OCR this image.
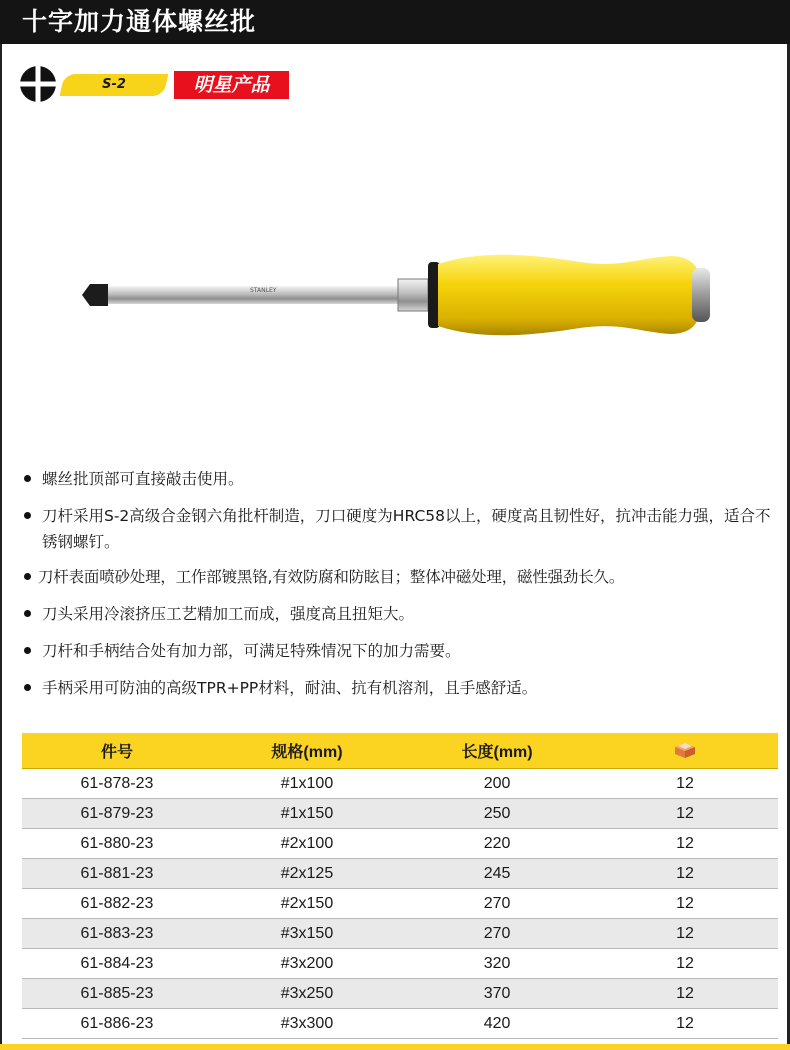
十字加力通体螺丝批
S-2	明星产品
STANLEY
螺丝批顶部可直接敲击使用。
刀杆采用S-2高级合金钢六角批杆制造，刀口硬度为HRC58以上，硬度高且韧性好，抗冲击能力强，适合不锈钢螺钉。
刀杆表面喷砂处理，工作部镀黑铬,有效防腐和防眩目；整体冲磁处理，磁性强劲长久。
刀头采用冷滚挤压工艺精加工而成，强度高且扭矩大。
刀杆和手柄结合处有加力部，可满足特殊情况下的加力需要。
手柄采用可防油的高级TPR+PP材料，耐油、抗有机溶剂，且手感舒适。
件号	规格(mm)	长度(mm)	
61-878-23	#1x100	200	12
61-879-23	#1x150	250	12
61-880-23	#2x100	220	12
61-881-23	#2x125	245	12
61-882-23	#2x150	270	12
61-883-23	#3x150	270	12
61-884-23	#3x200	320	12
61-885-23	#3x250	370	12
61-886-23	#3x300	420	12
